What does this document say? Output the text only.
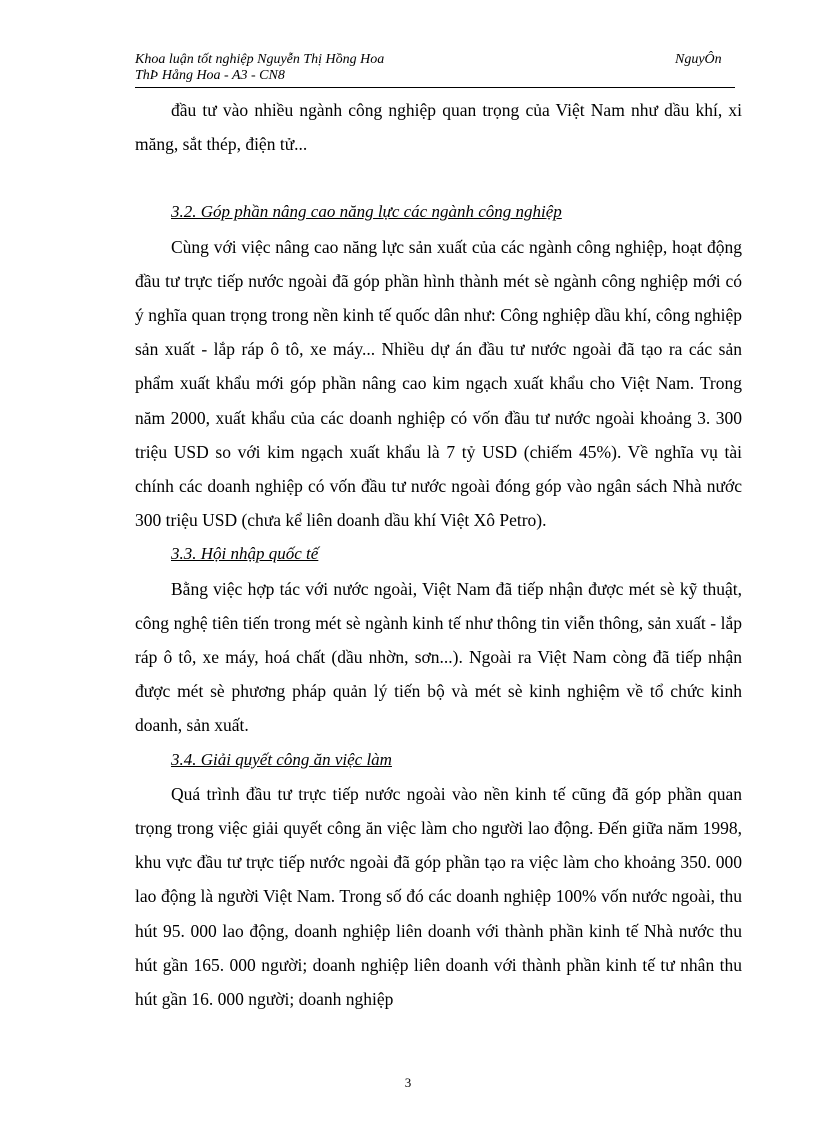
Khoa luận tốt nghiệp Nguyễn Thị Hồng Hoa	NguyÔn
ThÞ Hång Hoa - A3 - CN8

đầu tư vào nhiều ngành công nghiệp quan trọng của Việt Nam như dầu khí, xi măng, sắt thép, điện tử...

3.2. Góp phần nâng cao năng lực các ngành công nghiệp

Cùng với việc nâng cao năng lực sản xuất của các ngành công nghiệp, hoạt động đầu tư trực tiếp nước ngoài đã góp phần hình thành mét sè ngành công nghiệp mới có ý nghĩa quan trọng trong nền kinh tế quốc dân như: Công nghiệp dầu khí, công nghiệp sản xuất - lắp ráp ô tô, xe máy... Nhiều dự án đầu tư nước ngoài đã tạo ra các sản phẩm xuất khẩu mới góp phần nâng cao kim ngạch xuất khẩu cho Việt Nam. Trong năm 2000, xuất khẩu của các doanh nghiệp có vốn đầu tư nước ngoài khoảng 3. 300 triệu USD so với kim ngạch xuất khẩu là 7 tỷ USD (chiếm 45%). Về nghĩa vụ tài chính các doanh nghiệp có vốn đầu tư nước ngoài đóng góp vào ngân sách Nhà nước 300 triệu USD (chưa kể liên doanh dầu khí Việt Xô Petro).

3.3. Hội nhập quốc tế

Bằng việc hợp tác với nước ngoài, Việt Nam đã tiếp nhận được mét sè kỹ thuật, công nghệ tiên tiến trong mét sè ngành kinh tế như thông tin viễn thông, sản xuất - lắp ráp ô tô, xe máy, hoá chất (dầu nhờn, sơn...). Ngoài ra Việt Nam còng đã tiếp nhận được mét sè phương pháp quản lý tiến bộ và mét sè kinh nghiệm về tổ chức kinh doanh, sản xuất.

3.4. Giải quyết công ăn việc làm

Quá trình đầu tư trực tiếp nước ngoài vào nền kinh tế cũng đã góp phần quan trọng trong việc giải quyết công ăn việc làm cho người lao động. Đến giữa năm 1998, khu vực đầu tư trực tiếp nước ngoài đã góp phần tạo ra việc làm cho khoảng 350. 000 lao động là người Việt Nam. Trong số đó các doanh nghiệp 100% vốn nước ngoài, thu hút 95. 000 lao động, doanh nghiệp liên doanh với thành phần kinh tế Nhà nước thu hút gần 165. 000 người; doanh nghiệp liên doanh với thành phần kinh tế tư nhân thu hút gần 16. 000 người; doanh nghiệp

3
